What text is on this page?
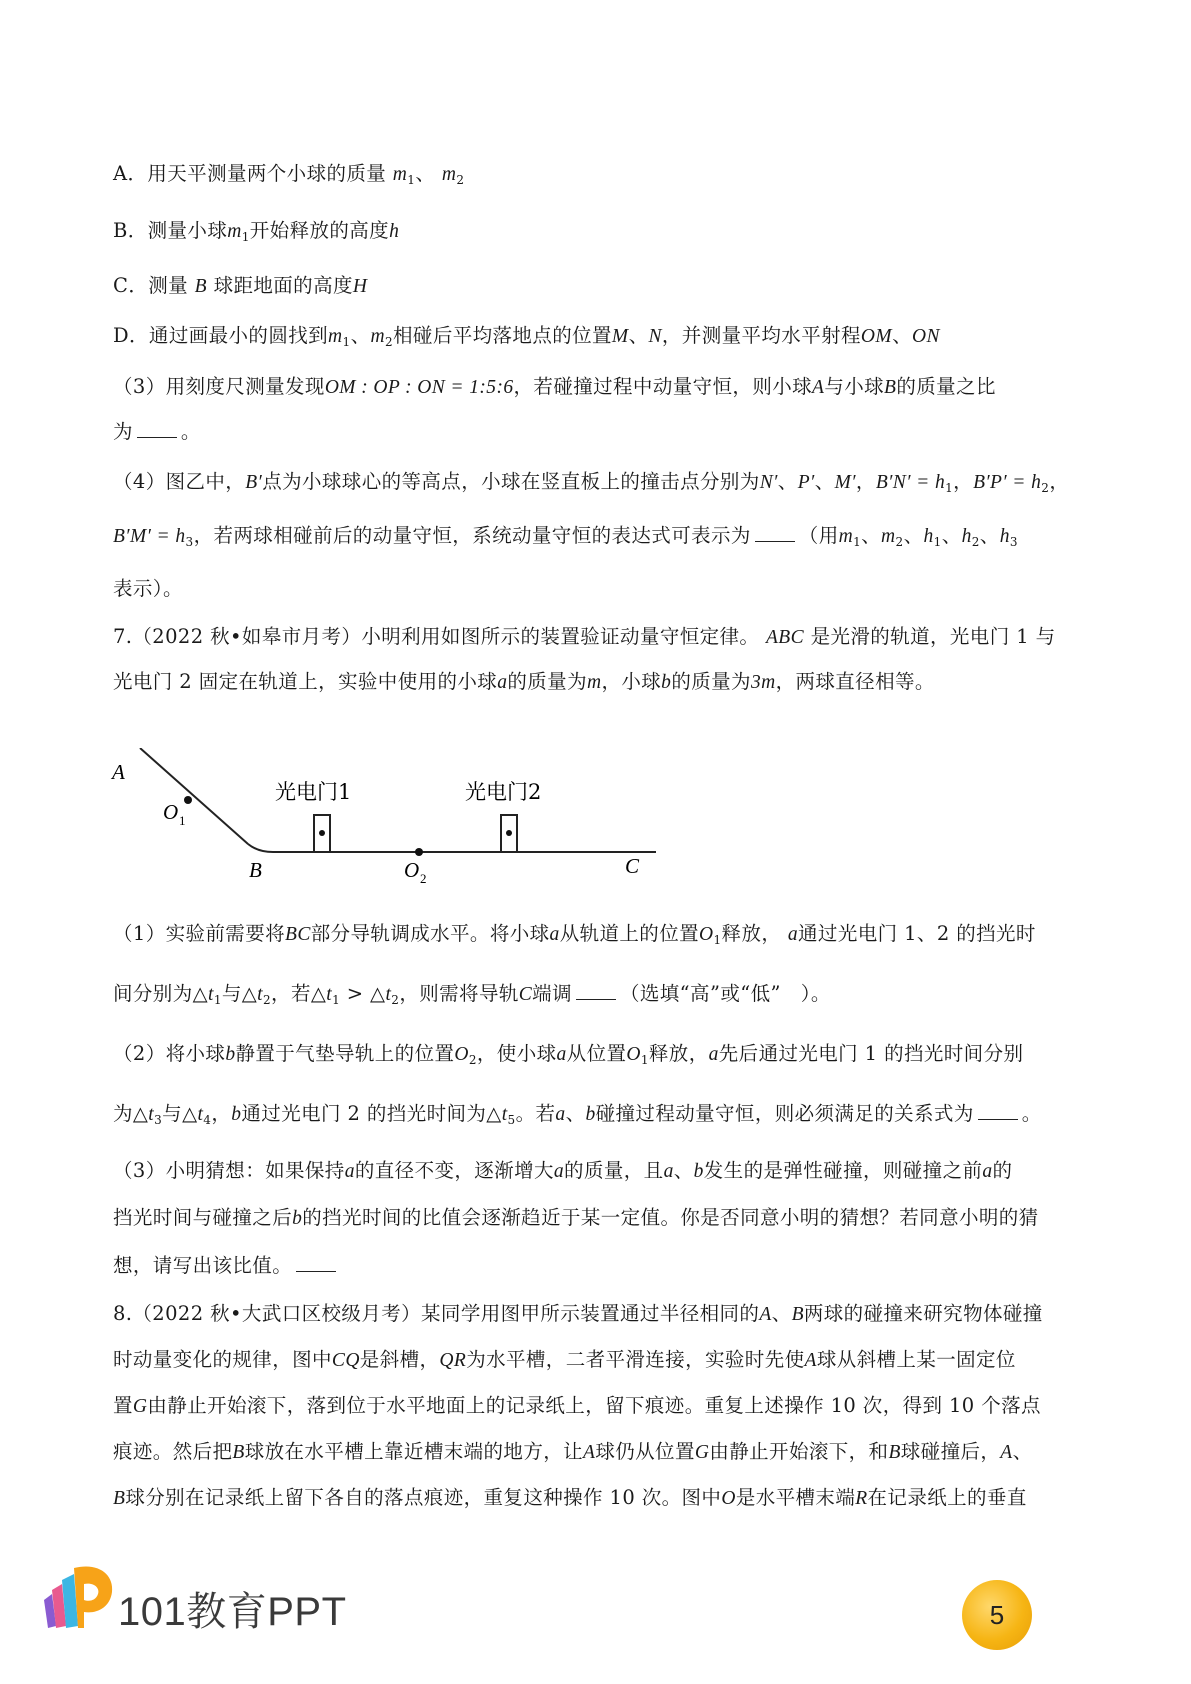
A．用天平测量两个小球的质量 $m_1$、 $m_2$
B．测量小球$m_1$开始释放的高度h
C．测量 B 球距地面的高度H
D．通过画最小的圆找到$m_1$、$m_2$相碰后平均落地点的位置M、N，并测量平均水平射程OM、ON
（3）用刻度尺测量发现OM : OP : ON = 1:5:6，若碰撞过程中动量守恒，则小球A与小球B的质量之比
为 。
（4）图乙中，B′点为小球球心的等高点，小球在竖直板上的撞击点分别为N′、P′、M′，$B'N' = h_1$，$B'P' = h_2$，
$B'M' = h_3$，若两球相碰前后的动量守恒，系统动量守恒的表达式可表示为 （用$m_1$、$m_2$、$h_1$、$h_2$、$h_3$
表示）。
7.（2022 秋•如皋市月考）小明利用如图所示的装置验证动量守恒定律。 ABC 是光滑的轨道，光电门 1 与
光电门 2 固定在轨道上，实验中使用的小球a的质量为m，小球b的质量为3m，两球直径相等。
A
O 1
B	O 2
C
光电门1	光电门2
（1）实验前需要将BC部分导轨调成水平。将小球a从轨道上的位置$O_1$释放， a通过光电门 1、2 的挡光时
间分别为$\triangle t_1$与$\triangle t_2$，若$\triangle t_1$ > $\triangle t_2$，则需将导轨C端调 （选填“高”或“低”　）。
（2）将小球b静置于气垫导轨上的位置$O_2$，使小球a从位置$O_1$释放，a先后通过光电门 1 的挡光时间分别
为$\triangle t_3$与$\triangle t_4$，b通过光电门 2 的挡光时间为$\triangle t_5$。若a、b碰撞过程动量守恒，则必须满足的关系式为 。
（3）小明猜想：如果保持a的直径不变，逐渐增大a的质量，且a、b发生的是弹性碰撞，则碰撞之前a的
挡光时间与碰撞之后b的挡光时间的比值会逐渐趋近于某一定值。你是否同意小明的猜想？若同意小明的猜
想，请写出该比值。
8.（2022 秋•大武口区校级月考）某同学用图甲所示装置通过半径相同的A、B两球的碰撞来研究物体碰撞
时动量变化的规律，图中CQ是斜槽，QR为水平槽，二者平滑连接，实验时先使A球从斜槽上某一固定位
置G由静止开始滚下，落到位于水平地面上的记录纸上，留下痕迹。重复上述操作 10 次，得到 10 个落点
痕迹。然后把B球放在水平槽上靠近槽末端的地方，让A球仍从位置G由静止开始滚下，和B球碰撞后，A、
B球分别在记录纸上留下各自的落点痕迹，重复这种操作 10 次。图中O是水平槽末端R在记录纸上的垂直
101教育PPT	5
